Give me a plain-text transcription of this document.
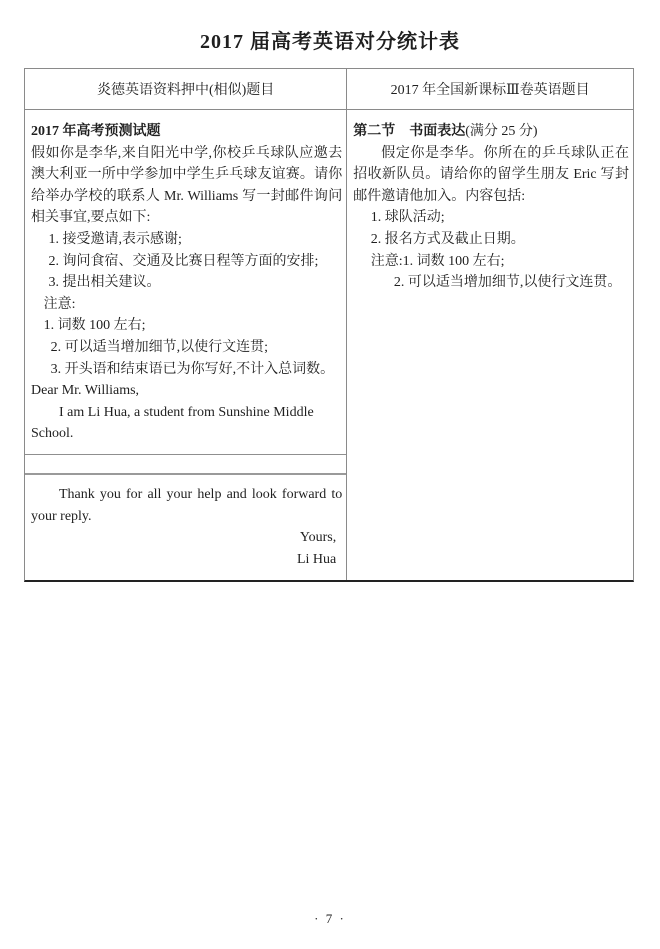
2017 届高考英语对分统计表
炎德英语资料押中(相似)题目	2017 年全国新课标Ⅲ卷英语题目

2017 年高考预测试题

假如你是李华,来自阳光中学,你校乒乓球队应邀去澳大利亚一所中学参加中学生乒乓球友谊赛。请你给举办学校的联系人 Mr. Williams 写一封邮件询问相关事宜,要点如下:

1. 接受邀请,表示感谢;

2. 询问食宿、交通及比赛日程等方面的安排;

3. 提出相关建议。

注意:

1. 词数 100 左右;

2. 可以适当增加细节,以使行文连贯;

3. 开头语和结束语已为你写好,不计入总词数。

Dear Mr. Williams,

I am Li Hua, a student from Sunshine Middle School.

Thank you for all your help and look forward to your reply.

Yours,

Li Hua

第二节　书面表达(满分 25 分)

假定你是李华。你所在的乒乓球队正在招收新队员。请给你的留学生朋友 Eric 写封邮件邀请他加入。内容包括:

1. 球队活动;

2. 报名方式及截止日期。

注意:1. 词数 100 左右;

2. 可以适当增加细节,以使行文连贯。

· 7 ·
